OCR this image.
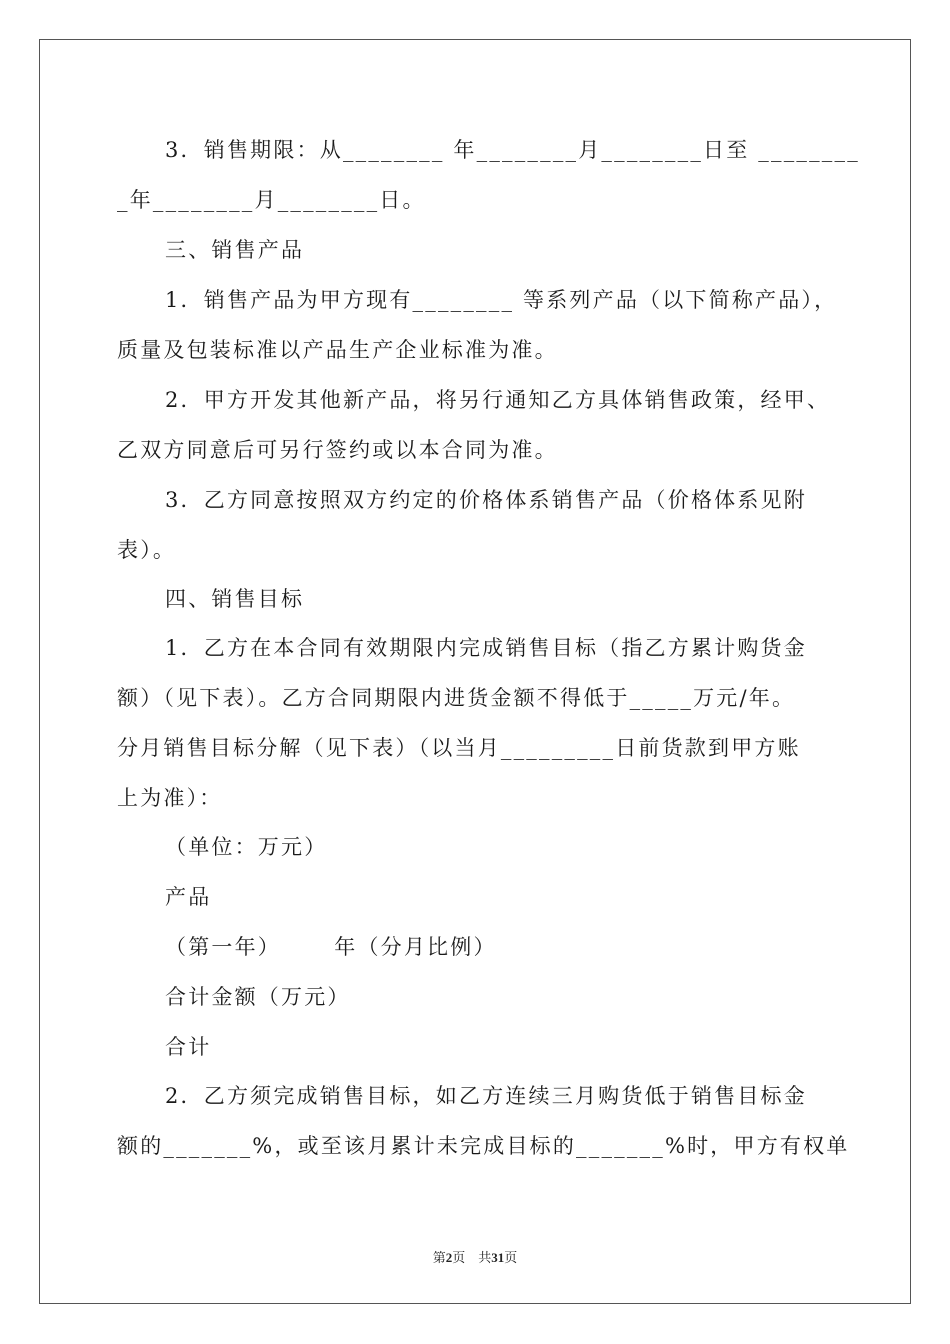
3．销售期限：从________ 年________月________日至 ________
_年________月________日。
三、销售产品
1．销售产品为甲方现有________ 等系列产品（以下简称产品），
质量及包装标准以产品生产企业标准为准。
2．甲方开发其他新产品，将另行通知乙方具体销售政策，经甲、
乙双方同意后可另行签约或以本合同为准。
3．乙方同意按照双方约定的价格体系销售产品（价格体系见附
表）。
四、销售目标
1．乙方在本合同有效期限内完成销售目标（指乙方累计购货金
额）（见下表）。乙方合同期限内进货金额不得低于_____万元/年。
分月销售目标分解（见下表）（以当月_________日前货款到甲方账
上为准）：
（单位：万元）
产品
（第一年）      年（分月比例）
合计金额（万元）
合计
2．乙方须完成销售目标，如乙方连续三月购货低于销售目标金
额的_______%，或至该月累计未完成目标的_______%时，甲方有权单
第2页　共31页
